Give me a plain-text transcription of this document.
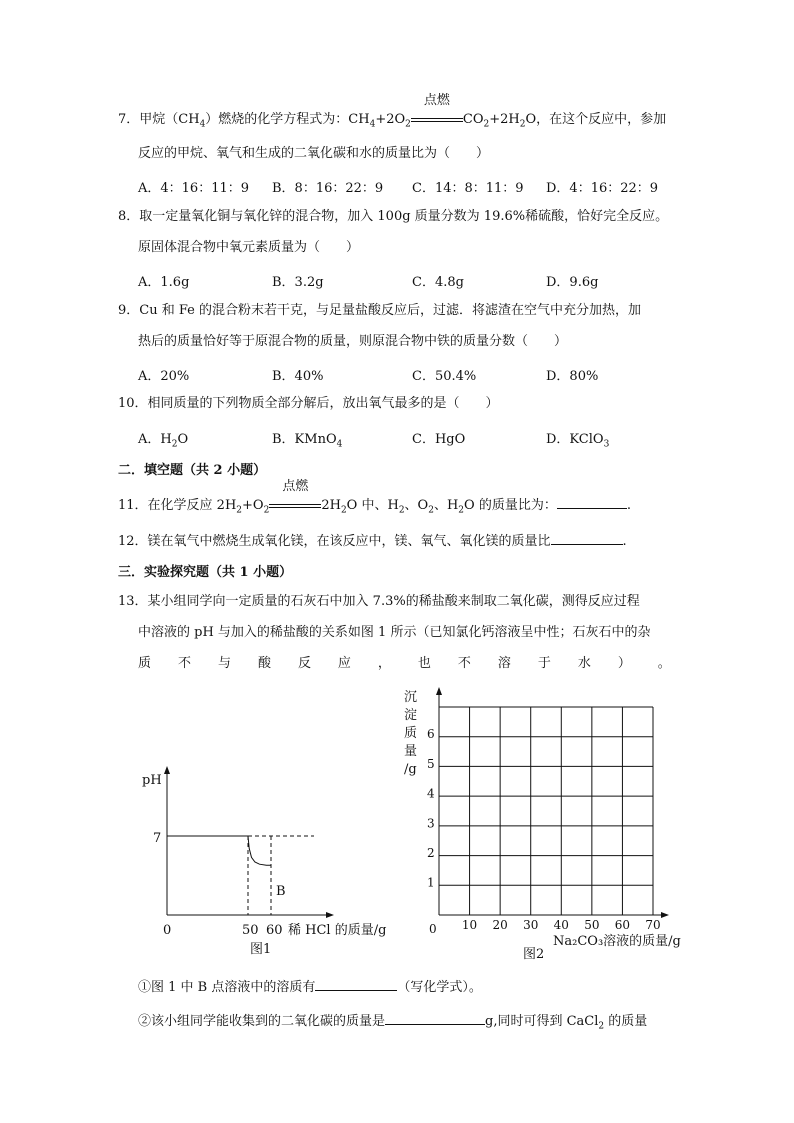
7．甲烷$(CH_4)$燃烧的化学方程式为：$CH_4+2O_2$
点燃
$CO_2+2H_2O$，在这个反应中，参加
反应的甲烷、氧气和生成的二氧化碳和水的质量比为（　　）
A．4：16：11：9 B．8：16：22：9 C．14：8：11：9 D．4：16：22：9
8．取一定量氧化铜与氧化锌的混合物，加入 100g 质量分数为 19.6%稀硫酸，恰好完全反应。
原固体混合物中氧元素质量为（　　）
A．1.6g	B．3.2g	C．4.8g	D．9.6g
9．Cu 和 Fe 的混合粉末若干克，与足量盐酸反应后，过滤．将滤渣在空气中充分加热，加
热后的质量恰好等于原混合物的质量，则原混合物中铁的质量分数（　　）
A．20%	B．40%	C．50.4%	D．80%
10．相同质量的下列物质全部分解后，放出氧气最多的是（　　）
A．$H_2O$	B．KMnO$_4$	C．HgO	D．KClO$_3$
二．填空题（共 2 小题）
11．在化学反应 $2H_2+O_2$
点燃
$2H_2O$ 中、$H_2$、$O_2$、$H_2O$ 的质量比为：	.
12．镁在氧气中燃烧生成氧化镁，在该反应中，镁、氧气、氧化镁的质量比	.
三．实验探究题（共 1 小题）
13．某小组同学向一定质量的石灰石中加入 7.3%的稀盐酸来制取二氧化碳，测得反应过程
中溶液的 pH 与加入的稀盐酸的关系如图 1 所示（已知氯化钙溶液呈中性；石灰石中的杂
质 不 与 酸 反 应 ， 也 不 溶 于 水 ） 。
pH
7
0	50 60 稀 HCl 的质量/g
图1
B
沉
淀
质
量
/g
1
2
3
4
5
6
0 10 20 30 40 50 60 70
Na₂CO₃溶液的质量/g
图2
①图 1 中 B 点溶液中的溶质有	（写化学式）。
②该小组同学能收集到的二氧化碳的质量是	g,同时可得到 CaCl$_2$ 的质量
